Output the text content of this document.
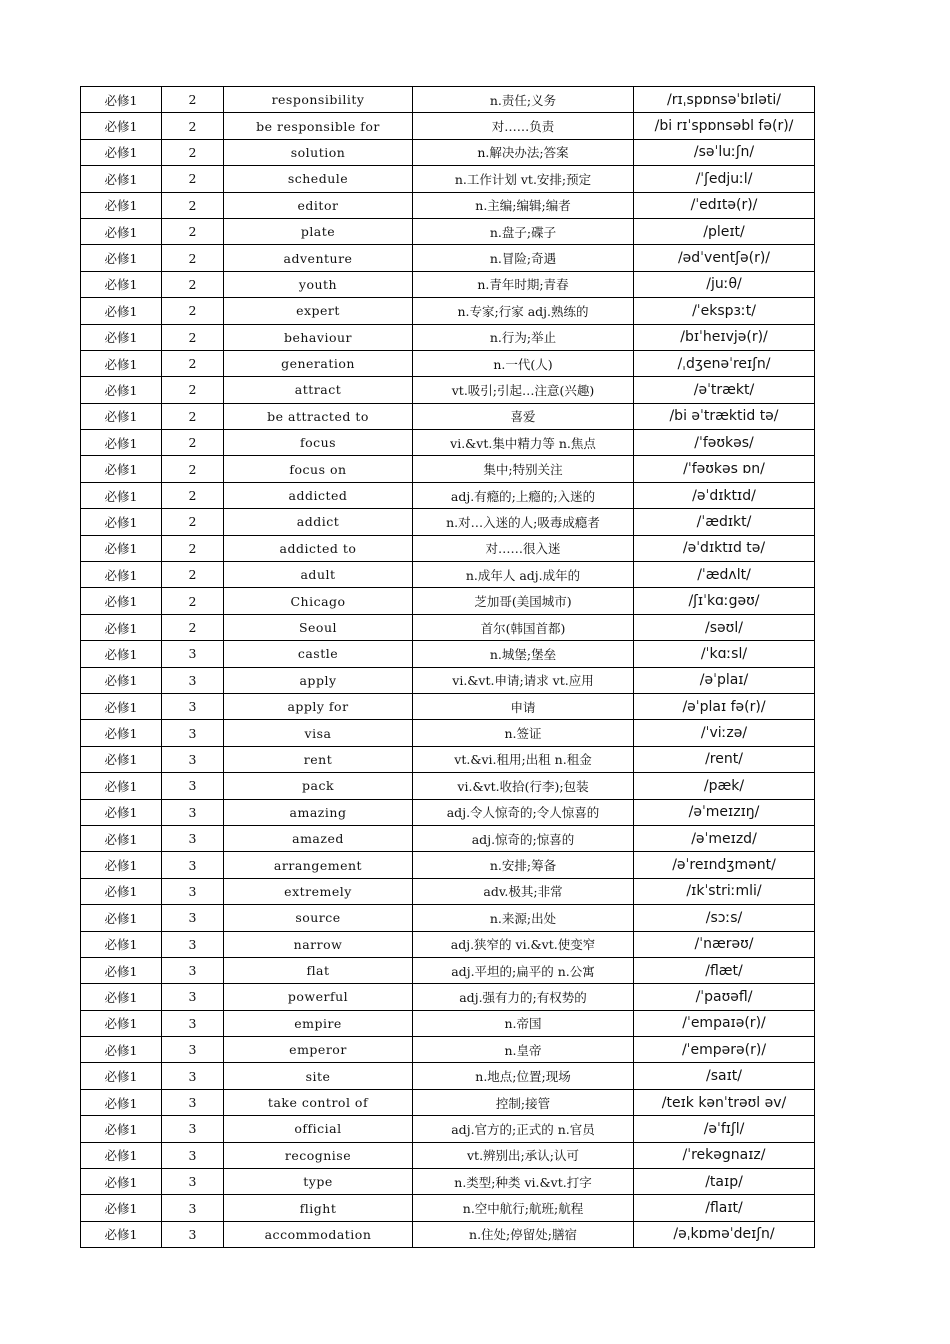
必修1	2	responsibility	n.责任;义务	/rɪˌspɒnsəˈbɪləti/
必修1	2	be responsible for	对……负责	/bi rɪˈspɒnsəbl fə(r)/
必修1	2	solution	n.解决办法;答案	/səˈluːʃn/
必修1	2	schedule	n.工作计划 vt.安排;预定	/ˈʃedjuːl/
必修1	2	editor	n.主编;编辑;编者	/ˈedɪtə(r)/
必修1	2	plate	n.盘子;碟子	/pleɪt/
必修1	2	adventure	n.冒险;奇遇	/ədˈventʃə(r)/
必修1	2	youth	n.青年时期;青春	/juːθ/
必修1	2	expert	n.专家;行家 adj.熟练的	/ˈekspɜːt/
必修1	2	behaviour	n.行为;举止	/bɪˈheɪvjə(r)/
必修1	2	generation	n.一代(人)	/ˌdʒenəˈreɪʃn/
必修1	2	attract	vt.吸引;引起…注意(兴趣)	/əˈtrækt/
必修1	2	be attracted to	喜爱	/bi əˈtræktid tə/
必修1	2	focus	vi.&vt.集中精力等 n.焦点	/ˈfəʊkəs/
必修1	2	focus on	集中;特别关注	/ˈfəʊkəs ɒn/
必修1	2	addicted	adj.有瘾的;上瘾的;入迷的	/əˈdɪktɪd/
必修1	2	addict	n.对…入迷的人;吸毒成瘾者	/ˈædɪkt/
必修1	2	addicted to	对……很入迷	/əˈdɪktɪd tə/
必修1	2	adult	n.成年人 adj.成年的	/ˈædʌlt/
必修1	2	Chicago	芝加哥(美国城市)	/ʃɪˈkɑːgəʊ/
必修1	2	Seoul	首尔(韩国首都)	/səʊl/
必修1	3	castle	n.城堡;堡垒	/ˈkɑːsl/
必修1	3	apply	vi.&vt.申请;请求 vt.应用	/əˈplaɪ/
必修1	3	apply for	申请	/əˈplaɪ fə(r)/
必修1	3	visa	n.签证	/ˈviːzə/
必修1	3	rent	vt.&vi.租用;出租 n.租金	/rent/
必修1	3	pack	vi.&vt.收拾(行李);包装	/pæk/
必修1	3	amazing	adj.令人惊奇的;令人惊喜的	/əˈmeɪzɪŋ/
必修1	3	amazed	adj.惊奇的;惊喜的	/əˈmeɪzd/
必修1	3	arrangement	n.安排;筹备	/əˈreɪndʒmənt/
必修1	3	extremely	adv.极其;非常	/ɪkˈstriːmli/
必修1	3	source	n.来源;出处	/sɔːs/
必修1	3	narrow	adj.狭窄的 vi.&vt.使变窄	/ˈnærəʊ/
必修1	3	flat	adj.平坦的;扁平的 n.公寓	/flæt/
必修1	3	powerful	adj.强有力的;有权势的	/ˈpaʊəfl/
必修1	3	empire	n.帝国	/ˈempaɪə(r)/
必修1	3	emperor	n.皇帝	/ˈempərə(r)/
必修1	3	site	n.地点;位置;现场	/saɪt/
必修1	3	take control of	控制;接管	/teɪk kənˈtrəʊl əv/
必修1	3	official	adj.官方的;正式的 n.官员	/əˈfɪʃl/
必修1	3	recognise	vt.辨别出;承认;认可	/ˈrekəgnaɪz/
必修1	3	type	n.类型;种类 vi.&vt.打字	/taɪp/
必修1	3	flight	n.空中航行;航班;航程	/flaɪt/
必修1	3	accommodation	n.住处;停留处;膳宿	/əˌkɒməˈdeɪʃn/
